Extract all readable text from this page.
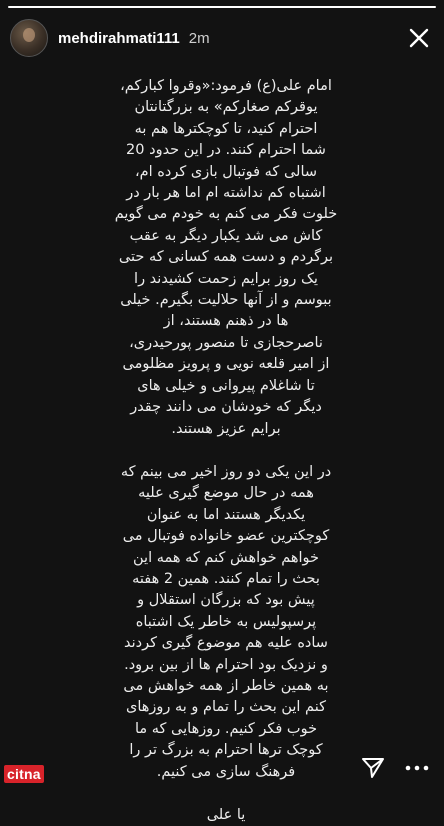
mehdirahmati111 2m

امام علی(ع) فرمود:«وقروا کبارکم،
یوقرکم صغارکم» به بزرگتانتان
احترام کنید، تا کوچکترها هم به
شما احترام کنند. در این حدود 20
سالی که فوتبال بازی کرده ام،
اشتباه کم نداشته ام اما هر بار در
خلوت فکر می کنم به خودم می گویم
کاش می شد یکبار دیگر به عقب
برگردم و دست همه کسانی که حتی
یک روز برایم زحمت کشیدند را
ببوسم و از آنها حلالیت بگیرم. خیلی
ها در ذهنم هستند، از
ناصرحجازی تا منصور پورحیدری،
از امیر قلعه نویی و پرویز مظلومی
تا شاغلام پیروانی و خیلی های
دیگر که خودشان می دانند چقدر
برایم عزیز هستند.

در این یکی دو روز اخیر می بینم که
همه در حال موضع گیری علیه
یکدیگر هستند اما به عنوان
کوچکترین عضو خانواده فوتبال می
خواهم خواهش کنم که همه این
بحث را تمام کنند. همین 2 هفته
پیش بود که بزرگان استقلال و
پرسپولیس به خاطر یک اشتباه
ساده علیه هم موضوع گیری کردند
و نزدیک بود احترام ها از بین برود.
به همین خاطر از همه خواهش می
کنم این بحث را تمام و به روزهای
خوب فکر کنیم. روزهایی که ما
کوچک ترها احترام به بزرگ تر را
فرهنگ سازی می کنیم.

یا علی

citna
